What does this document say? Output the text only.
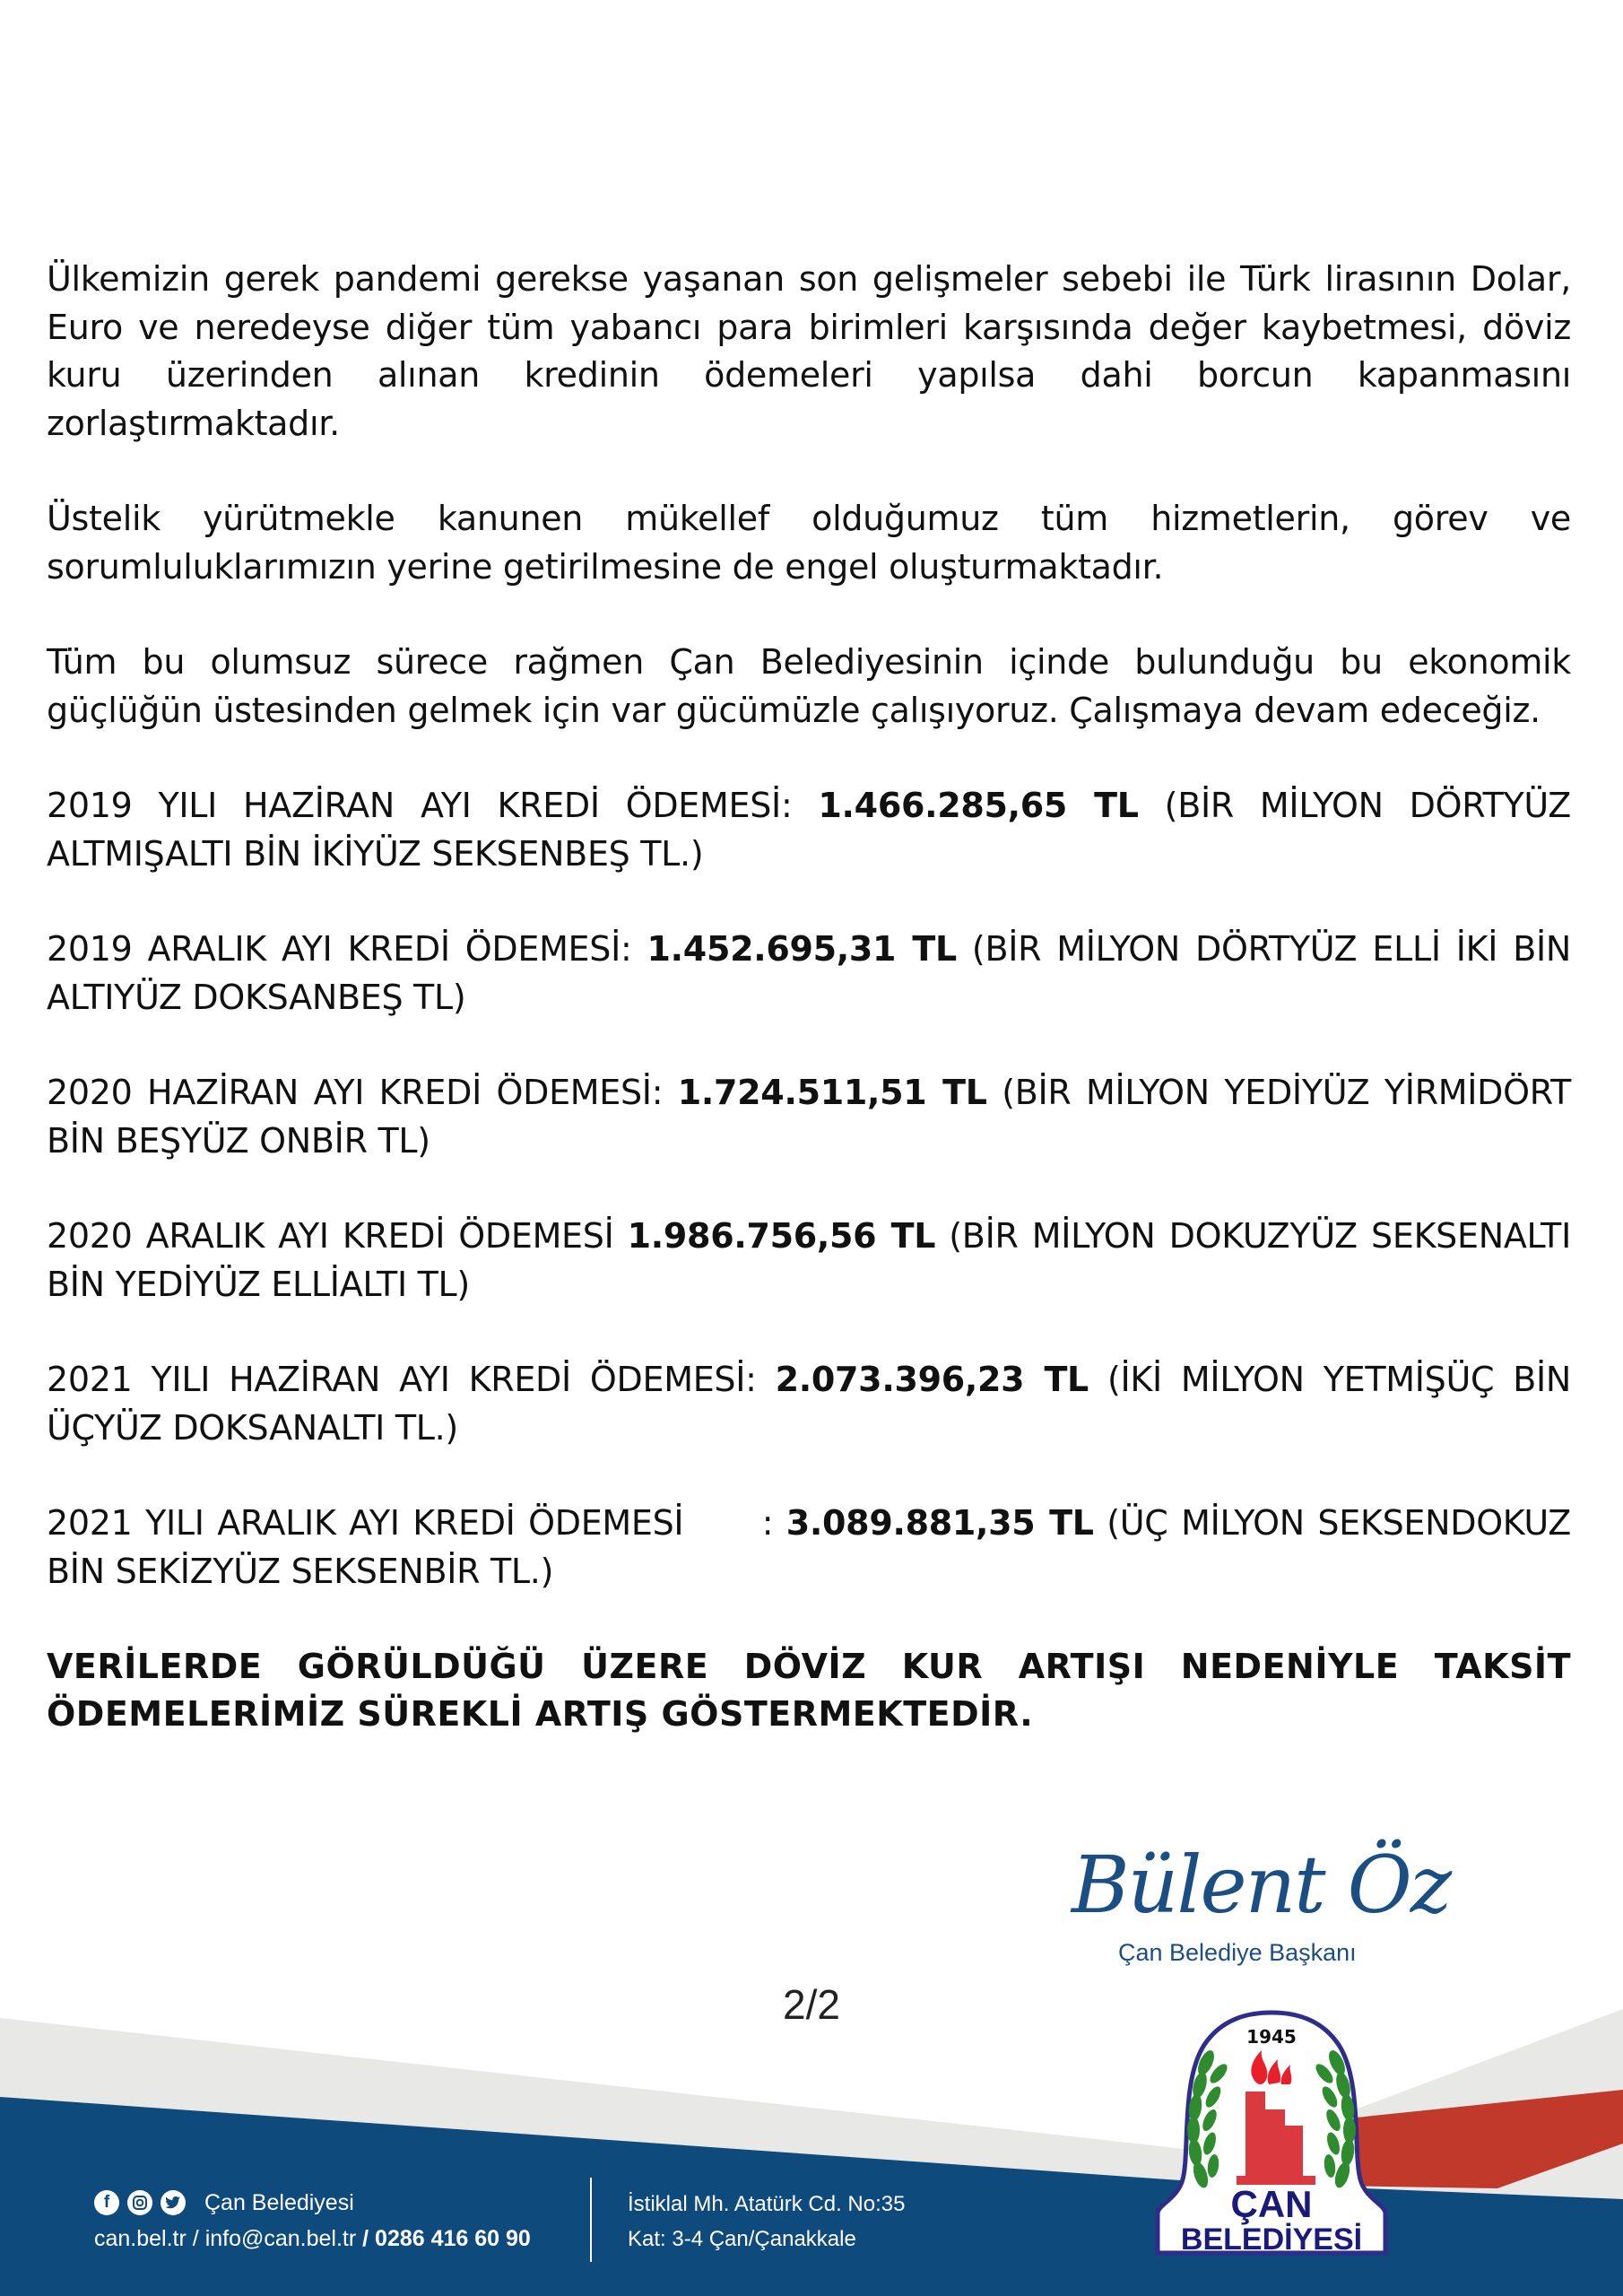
Ülkemizin gerek pandemi gerekse yaşanan son gelişmeler sebebi ile Türk lirasının Dolar, Euro ve neredeyse diğer tüm yabancı para birimleri karşısında değer kaybetmesi, döviz kuru üzerinden alınan kredinin ödemeleri yapılsa dahi borcun kapanmasını zorlaştırmaktadır.

Üstelik yürütmekle kanunen mükellef olduğumuz tüm hizmetlerin, görev ve sorumluluklarımızın yerine getirilmesine de engel oluşturmaktadır.

Tüm bu olumsuz sürece rağmen Çan Belediyesinin içinde bulunduğu bu ekonomik güçlüğün üstesinden gelmek için var gücümüzle çalışıyoruz. Çalışmaya devam edeceğiz.

2019 YILI HAZİRAN AYI KREDİ ÖDEMESİ: 1.466.285,65 TL (BİR MİLYON DÖRTYÜZ ALTMIŞALTI BİN İKİYÜZ SEKSENBEŞ TL.)

2019 ARALIK AYI KREDİ ÖDEMESİ: 1.452.695,31 TL (BİR MİLYON DÖRTYÜZ ELLİ İKİ BİN ALTIYÜZ DOKSANBEŞ TL)

2020 HAZİRAN AYI KREDİ ÖDEMESİ: 1.724.511,51 TL (BİR MİLYON YEDİYÜZ YİRMİDÖRT BİN BEŞYÜZ ONBİR TL)

2020 ARALIK AYI KREDİ ÖDEMESİ 1.986.756,56 TL (BİR MİLYON DOKUZYÜZ SEKSENALTI BİN YEDİYÜZ ELLİALTI TL)

2021 YILI HAZİRAN AYI KREDİ ÖDEMESİ: 2.073.396,23 TL (İKİ MİLYON YETMİŞÜÇ BİN ÜÇYÜZ DOKSANALTI TL.)

2021 YILI ARALIK AYI KREDİ ÖDEMESİ      : 3.089.881,35 TL (ÜÇ MİLYON SEKSENDOKUZ BİN SEKİZYÜZ SEKSENBİR TL.)

VERİLERDE GÖRÜLDÜĞÜ ÜZERE DÖVİZ KUR ARTIŞI NEDENİYLE TAKSİT ÖDEMELERİMİZ SÜREKLİ ARTIŞ GÖSTERMEKTEDİR.

Bülent Öz
Çan Belediye Başkanı
2/2
f	Çan Belediyesi
can.bel.tr / info@can.bel.tr / 0286 416 60 90
İstiklal Mh. Atatürk Cd. No:35
Kat: 3-4 Çan/Çanakkale
1945
ÇAN
BELEDİYESİ
